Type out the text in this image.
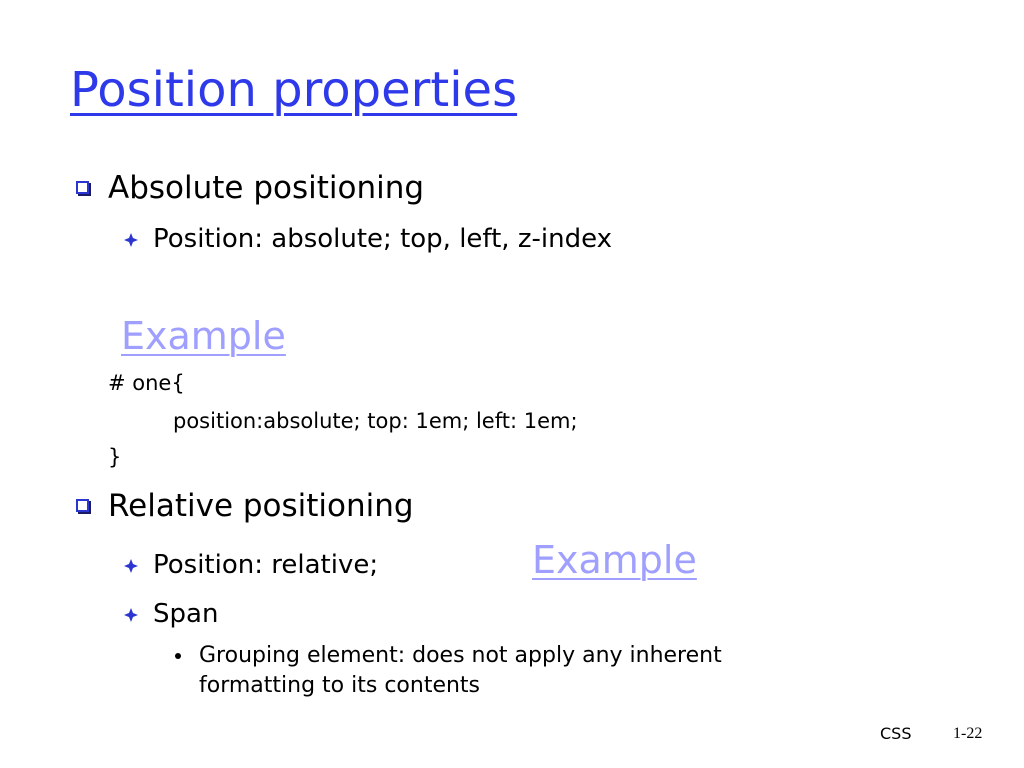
Position properties
Absolute positioning
Position: absolute; top, left, z-index
Example
# one{
position:absolute; top: 1em; left: 1em;
}
Relative positioning
Position: relative;	Example
Span
Grouping element: does not apply any inherent
formatting to its contents
CSS	1-22
